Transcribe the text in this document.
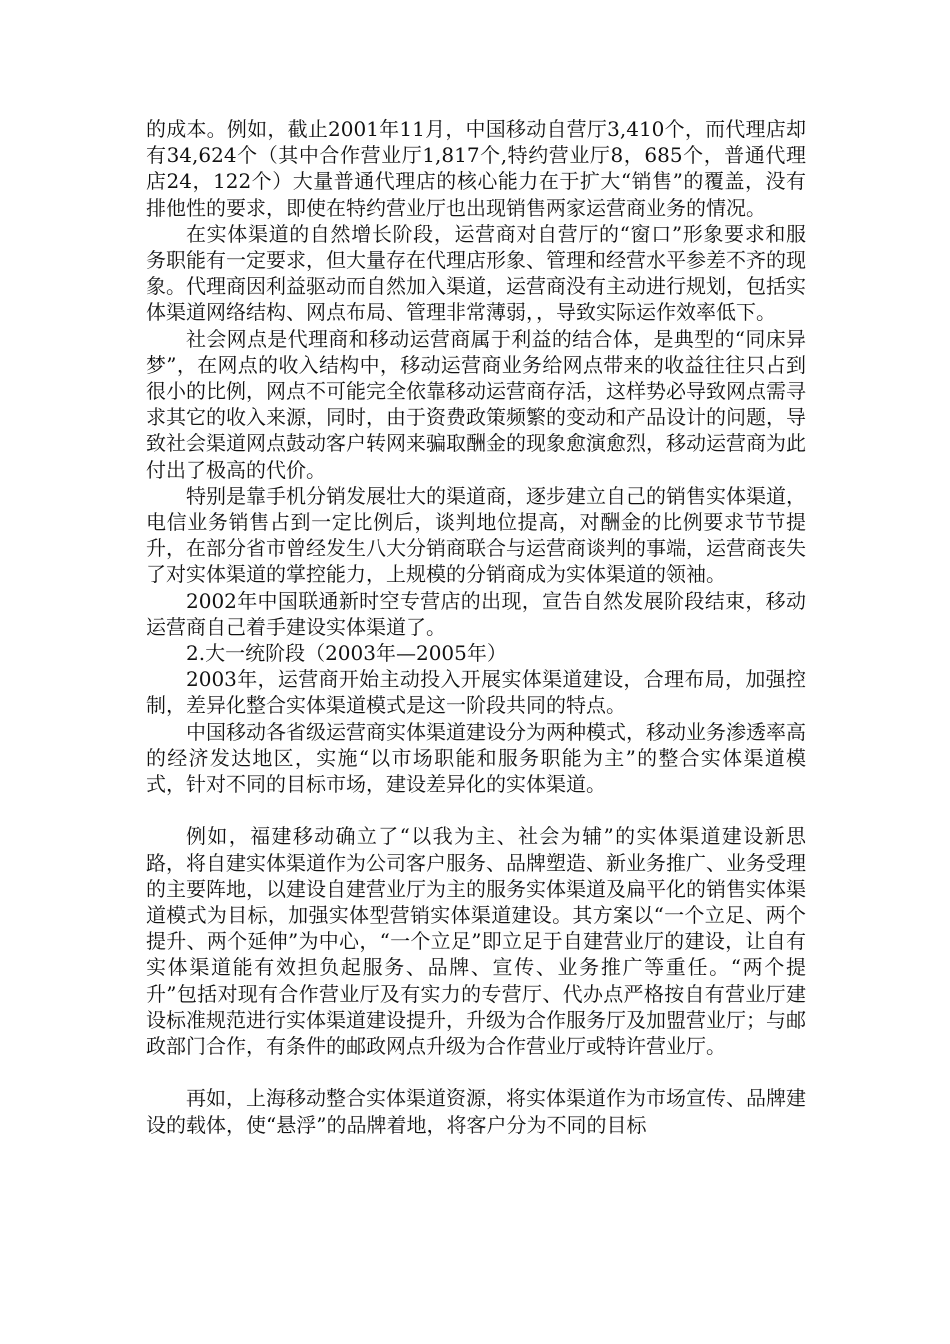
的成本。例如，截止2001年11月，中国移动自营厅3,410个，而代理店却有34,624个（其中合作营业厅1,817个,特约营业厅8，685个，普通代理店24，122个）大量普通代理店的核心能力在于扩大“销售”的覆盖，没有排他性的要求，即使在特约营业厅也出现销售两家运营商业务的情况。

在实体渠道的自然增长阶段，运营商对自营厅的“窗口”形象要求和服务职能有一定要求，但大量存在代理店形象、管理和经营水平参差不齐的现象。代理商因利益驱动而自然加入渠道，运营商没有主动进行规划，包括实体渠道网络结构、网点布局、管理非常薄弱，，导致实际运作效率低下。

社会网点是代理商和移动运营商属于利益的结合体，是典型的“同床异梦”，在网点的收入结构中，移动运营商业务给网点带来的收益往往只占到很小的比例，网点不可能完全依靠移动运营商存活，这样势必导致网点需寻求其它的收入来源，同时，由于资费政策频繁的变动和产品设计的问题，导致社会渠道网点鼓动客户转网来骗取酬金的现象愈演愈烈，移动运营商为此付出了极高的代价。

特别是靠手机分销发展壮大的渠道商，逐步建立自己的销售实体渠道，电信业务销售占到一定比例后，谈判地位提高，对酬金的比例要求节节提升，在部分省市曾经发生八大分销商联合与运营商谈判的事端，运营商丧失了对实体渠道的掌控能力，上规模的分销商成为实体渠道的领袖。

2002年中国联通新时空专营店的出现，宣告自然发展阶段结束，移动运营商自己着手建设实体渠道了。

2.大一统阶段（2003年—2005年）

2003年，运营商开始主动投入开展实体渠道建设，合理布局，加强控制，差异化整合实体渠道模式是这一阶段共同的特点。

中国移动各省级运营商实体渠道建设分为两种模式，移动业务渗透率高的经济发达地区，实施“以市场职能和服务职能为主”的整合实体渠道模式，针对不同的目标市场，建设差异化的实体渠道。

例如，福建移动确立了“以我为主、社会为辅”的实体渠道建设新思路，将自建实体渠道作为公司客户服务、品牌塑造、新业务推广、业务受理的主要阵地，以建设自建营业厅为主的服务实体渠道及扁平化的销售实体渠道模式为目标，加强实体型营销实体渠道建设。其方案以“一个立足、两个提升、两个延伸”为中心，“一个立足”即立足于自建营业厅的建设，让自有实体渠道能有效担负起服务、品牌、宣传、业务推广等重任。“两个提升”包括对现有合作营业厅及有实力的专营厅、代办点严格按自有营业厅建设标准规范进行实体渠道建设提升，升级为合作服务厅及加盟营业厅；与邮政部门合作，有条件的邮政网点升级为合作营业厅或特许营业厅。

再如，上海移动整合实体渠道资源，将实体渠道作为市场宣传、品牌建设的载体，使“悬浮”的品牌着地，将客户分为不同的目标
